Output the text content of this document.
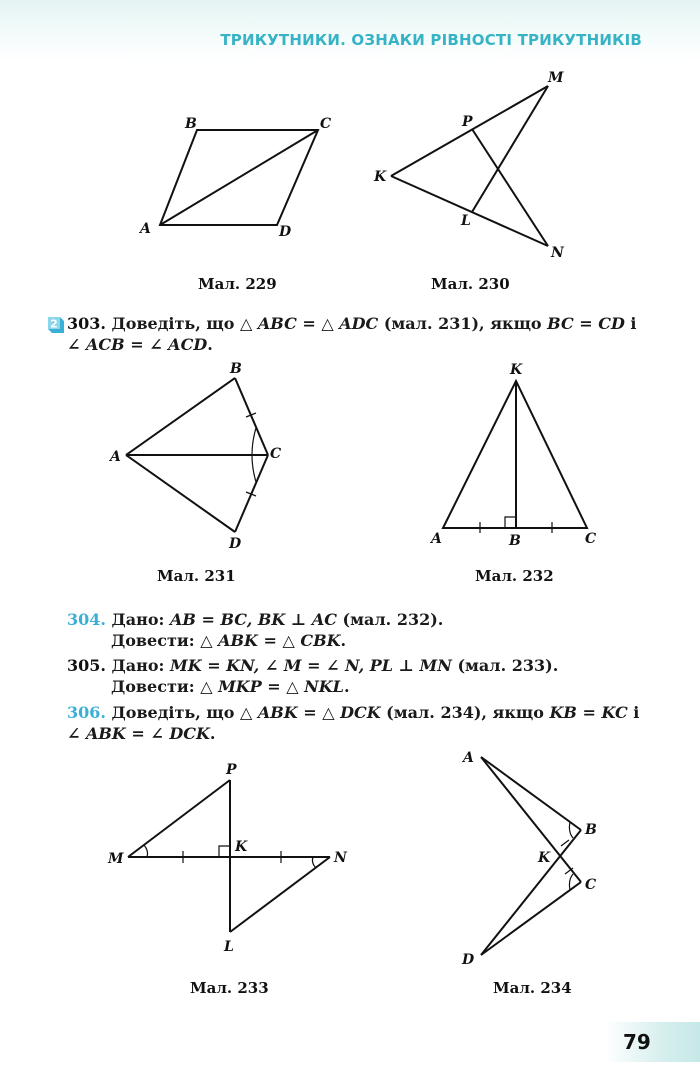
ТРИКУТНИКИ. ОЗНАКИ РІВНОСТІ ТРИКУТНИКІВ
A
B	C
D
M
P
K
L
N
A
B
C
D
K
A	B	C
P
M
K
N
L
A
B
K
C
D
Мал. 229	Мал. 230
Мал. 231	Мал. 232
Мал. 233	Мал. 234
2 303. Доведіть, що △ ABC = △ ADC (мал. 231), якщо BC = CD і
∠ ACB = ∠ ACD.
304. Дано: AB = BC, BK ⊥ AC (мал. 232).
Довести: △ ABK = △ CBK.
305. Дано: MK = KN, ∠ M = ∠ N, PL ⊥ MN (мал. 233).
Довести: △ MKP = △ NKL.
306. Доведіть, що △ ABK = △ DCK (мал. 234), якщо KB = KC і
∠ ABK = ∠ DCK.
79
